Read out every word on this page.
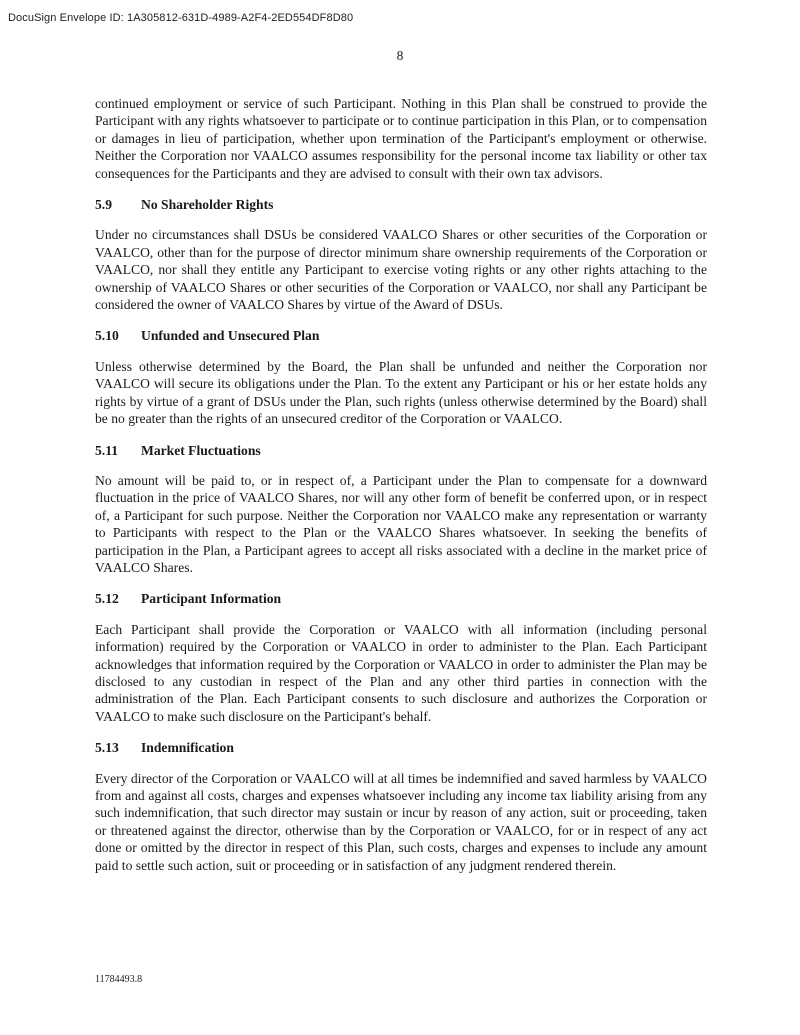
DocuSign Envelope ID: 1A305812-631D-4989-A2F4-2ED554DF8D80
8

continued employment or service of such Participant. Nothing in this Plan shall be construed to provide the Participant with any rights whatsoever to participate or to continue participation in this Plan, or to compensation or damages in lieu of participation, whether upon termination of the Participant's employment or otherwise. Neither the Corporation nor VAALCO assumes responsibility for the personal income tax liability or other tax consequences for the Participants and they are advised to consult with their own tax advisors.

5.9	No Shareholder Rights

Under no circumstances shall DSUs be considered VAALCO Shares or other securities of the Corporation or VAALCO, other than for the purpose of director minimum share ownership requirements of the Corporation or VAALCO, nor shall they entitle any Participant to exercise voting rights or any other rights attaching to the ownership of VAALCO Shares or other securities of the Corporation or VAALCO, nor shall any Participant be considered the owner of VAALCO Shares by virtue of the Award of DSUs.

5.10	Unfunded and Unsecured Plan

Unless otherwise determined by the Board, the Plan shall be unfunded and neither the Corporation nor VAALCO will secure its obligations under the Plan. To the extent any Participant or his or her estate holds any rights by virtue of a grant of DSUs under the Plan, such rights (unless otherwise determined by the Board) shall be no greater than the rights of an unsecured creditor of the Corporation or VAALCO.

5.11	Market Fluctuations

No amount will be paid to, or in respect of, a Participant under the Plan to compensate for a downward fluctuation in the price of VAALCO Shares, nor will any other form of benefit be conferred upon, or in respect of, a Participant for such purpose. Neither the Corporation nor VAALCO make any representation or warranty to Participants with respect to the Plan or the VAALCO Shares whatsoever. In seeking the benefits of participation in the Plan, a Participant agrees to accept all risks associated with a decline in the market price of VAALCO Shares.

5.12	Participant Information

Each Participant shall provide the Corporation or VAALCO with all information (including personal information) required by the Corporation or VAALCO in order to administer to the Plan. Each Participant acknowledges that information required by the Corporation or VAALCO in order to administer the Plan may be disclosed to any custodian in respect of the Plan and any other third parties in connection with the administration of the Plan. Each Participant consents to such disclosure and authorizes the Corporation or VAALCO to make such disclosure on the Participant's behalf.

5.13	Indemnification

Every director of the Corporation or VAALCO will at all times be indemnified and saved harmless by VAALCO from and against all costs, charges and expenses whatsoever including any income tax liability arising from any such indemnification, that such director may sustain or incur by reason of any action, suit or proceeding, taken or threatened against the director, otherwise than by the Corporation or VAALCO, for or in respect of any act done or omitted by the director in respect of this Plan, such costs, charges and expenses to include any amount paid to settle such action, suit or proceeding or in satisfaction of any judgment rendered therein.

11784493.8
